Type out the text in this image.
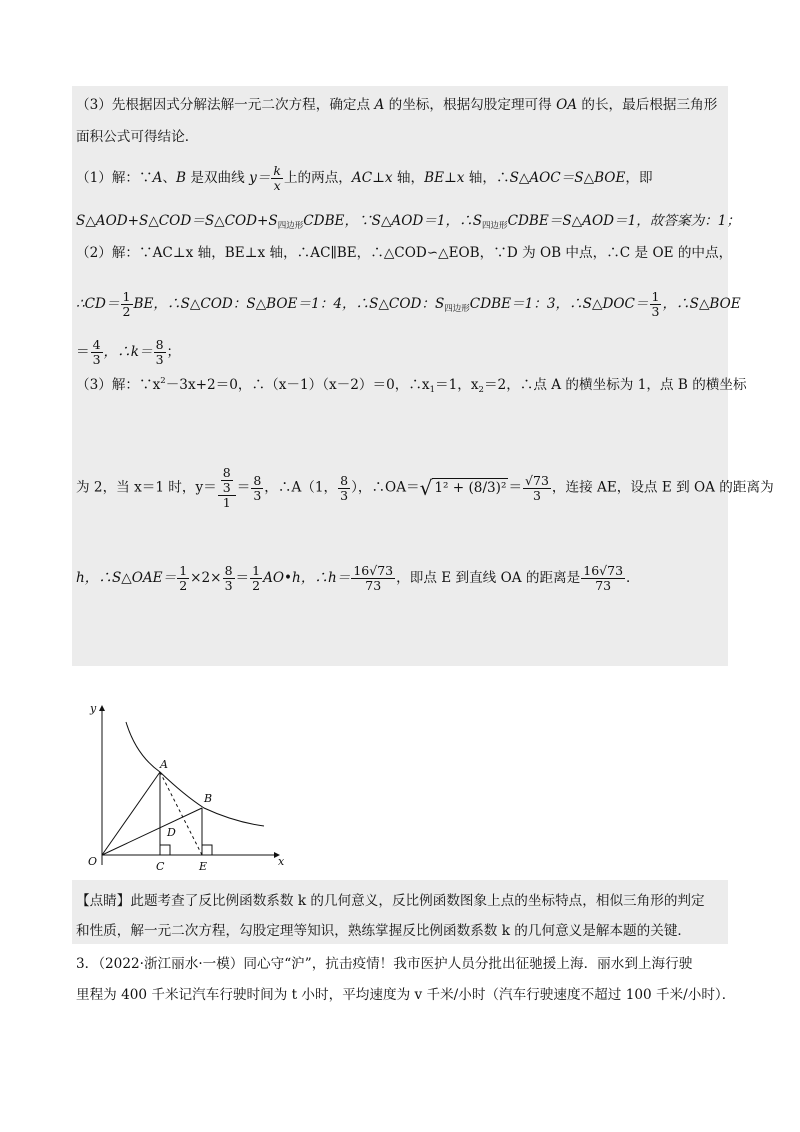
（3）先根据因式分解法解一元二次方程，确定点 A 的坐标，根据勾股定理可得 OA 的长，最后根据三角形
面积公式可得结论．
（1）解：∵A、B 是双曲线 $y= \frac{k}{x}$ 上的两点，AC⊥x 轴，BE⊥x 轴，∴S△AOC＝S△BOE，即
$S\triangle AOD+S\triangle COD=S\triangle COD+S_{四边形}CDBE$，∵S△AOD＝1，$\therefore S_{四边形}CDBE=S\triangle AOD=1$，故答案为：1；
（2）解：∵AC⊥x 轴，BE⊥x 轴，∴AC∥BE，∴△COD∽△EOB，∵D 为 OB 中点，∴C 是 OE 的中点，
∴CD＝ $\frac{1}{2}$ BE，∴S△COD：S△BOE＝1：4，∴S△COD：$S_{四边形}CDBE=1$：3，∴S△DOC＝ $\frac{1}{3}$ ，∴S△BOE
＝ $\frac{4}{3}$ ，∴k＝ $\frac{8}{3}$ ；
（3）解：$\because x^2-3x+2=0$，∴（x－1）（x－2）＝0，$\therefore x_1=1$，$x_2=2$，∴点 A 的横坐标为 1，点 B 的横坐标
为 2，当 x＝1 时，$y= \frac{\frac{8}{3}}{1} = \frac{8}{3}$ ，∴A（1， $\frac{8}{3}$ ），∴OA＝√ $1^2 + (8/3)^2 = \frac{√73}{3}$ ，连接 AE，设点 E 到 OA 的距离为
h，∴S△OAE＝ $\frac{1}{2} \times 2\times \frac{8}{3} = \frac{1}{2}$ AO•h，∴h＝ $\frac{16√73}{73}$ ，即点 E 到直线 OA 的距离是 $\frac{16√73}{73}$ ．
y
x
O
A
B
C
D
E
【点睛】此题考查了反比例函数系数 k 的几何意义，反比例函数图象上点的坐标特点，相似三角形的判定
和性质，解一元二次方程，勾股定理等知识，熟练掌握反比例函数系数 k 的几何意义是解本题的关键．
3．（2022·浙江丽水·一模）同心守“沪”，抗击疫情！我市医护人员分批出征驰援上海．丽水到上海行驶
里程为 400 千米记汽车行驶时间为 t 小时，平均速度为 v 千米/小时（汽车行驶速度不超过 100 千米/小时）．
